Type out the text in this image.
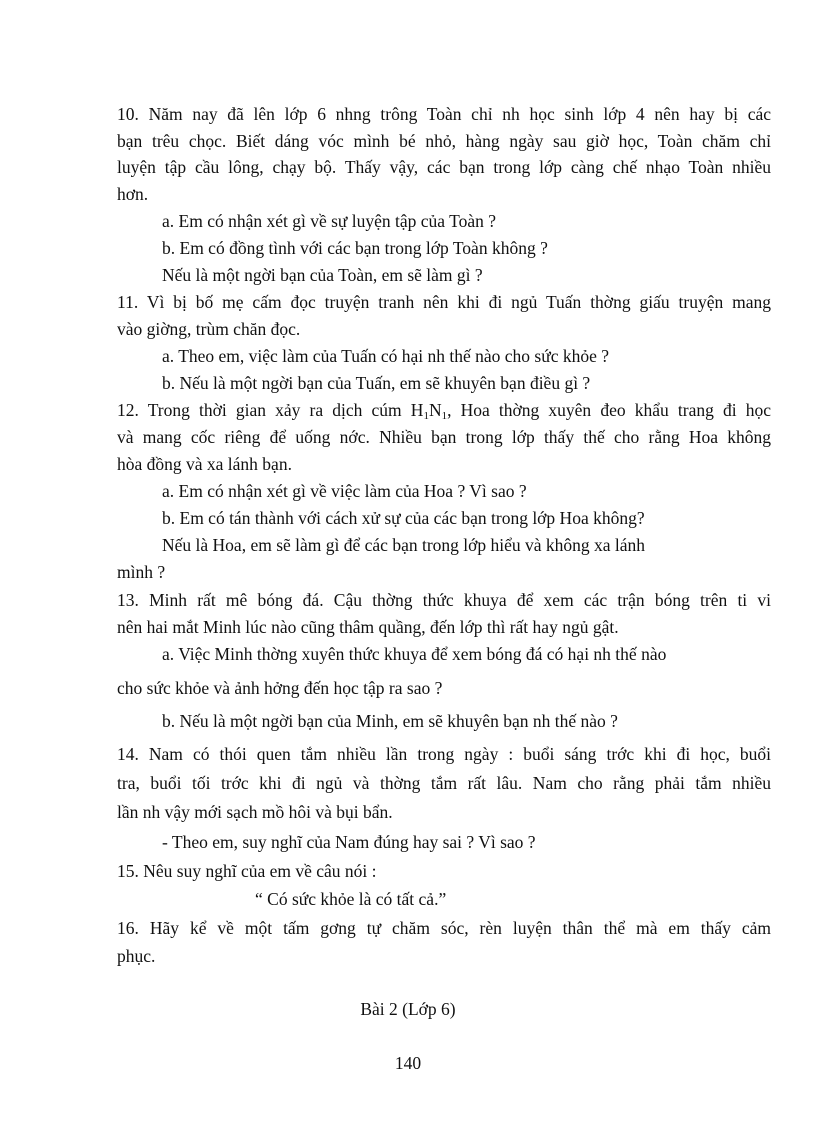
10. Năm nay đã lên lớp 6 nhng trông Toàn chỉ nh học sinh lớp 4 nên hay bị các
bạn trêu chọc. Biết dáng vóc mình bé nhỏ, hàng ngày sau giờ học, Toàn chăm chỉ
luyện tập cầu lông, chạy bộ. Thấy vậy, các bạn trong lớp càng chế nhạo Toàn nhiều
hơn.
a. Em có nhận xét gì về sự luyện tập của Toàn ?
b. Em có đồng tình với các bạn trong lớp Toàn không ?
Nếu là một ngời bạn của Toàn, em sẽ làm gì ?
11. Vì bị bố mẹ cấm đọc truyện tranh nên khi đi ngủ Tuấn thờng giấu truyện mang
vào giờng, trùm chăn đọc.
a. Theo em, việc làm của Tuấn có hại nh thế nào cho sức khỏe ?
b. Nếu là một ngời bạn của Tuấn, em sẽ khuyên bạn điều gì ?
12. Trong thời gian xảy ra dịch cúm $H_1N_1$, Hoa thờng xuyên đeo khẩu trang đi học
và mang cốc riêng để uống nớc. Nhiều bạn trong lớp thấy thế cho rằng Hoa không
hòa đồng và xa lánh bạn.
a. Em có nhận xét gì về việc làm của Hoa ? Vì sao ?
b. Em có tán thành với cách xử sự của các bạn trong lớp Hoa không?
Nếu là Hoa, em sẽ làm gì để các bạn trong lớp hiểu và không xa lánh
mình ?
13. Minh rất mê bóng đá. Cậu thờng thức khuya để xem các trận bóng trên ti vi
nên hai mắt Minh lúc nào cũng thâm quầng, đến lớp thì rất hay ngủ gật.
a. Việc Minh thờng xuyên thức khuya để xem bóng đá có hại nh thế nào
cho sức khỏe và ảnh hởng đến học tập ra sao ?
b. Nếu là một ngời bạn của Minh, em sẽ khuyên bạn nh thế nào ?
14. Nam có thói quen tắm nhiều lần trong ngày : buổi sáng trớc khi đi học, buổi
tra, buổi tối trớc khi đi ngủ và thờng tắm rất lâu. Nam cho rằng phải tắm nhiều
lần nh vậy mới sạch mồ hôi và bụi bẩn.
- Theo em, suy nghĩ của Nam đúng hay sai ? Vì sao ?
15. Nêu suy nghĩ của em về câu nói :
“ Có sức khỏe là có tất cả.”
16. Hãy kể về một tấm gơng tự chăm sóc, rèn luyện thân thể mà em thấy cảm
phục.
Bài 2 (Lớp 6)
140
